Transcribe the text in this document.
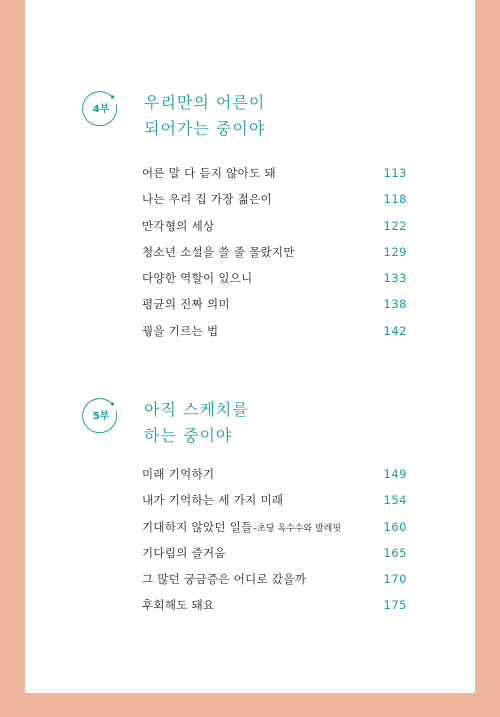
4부	우리만의 어른이
되어가는 중이야
어른 말 다 듣지 않아도 돼	113
나는 우리 집 가장 젊은이	118
만각형의 세상	122
청소년 소설을 쓸 줄 몰랐지만	129
다양한 역할이 있으니	133
평균의 진짜 의미	138
꿩을 기르는 법	142
5부	아직 스케치를
하는 중이야
미래 기억하기	149
내가 기억하는 세 가지 미래	154
기대하지 않았던 일들–초당 옥수수와 발레핏	160
기다림의 즐거움	165
그 많던 궁금증은 어디로 갔을까	170
후회해도 돼요	175
